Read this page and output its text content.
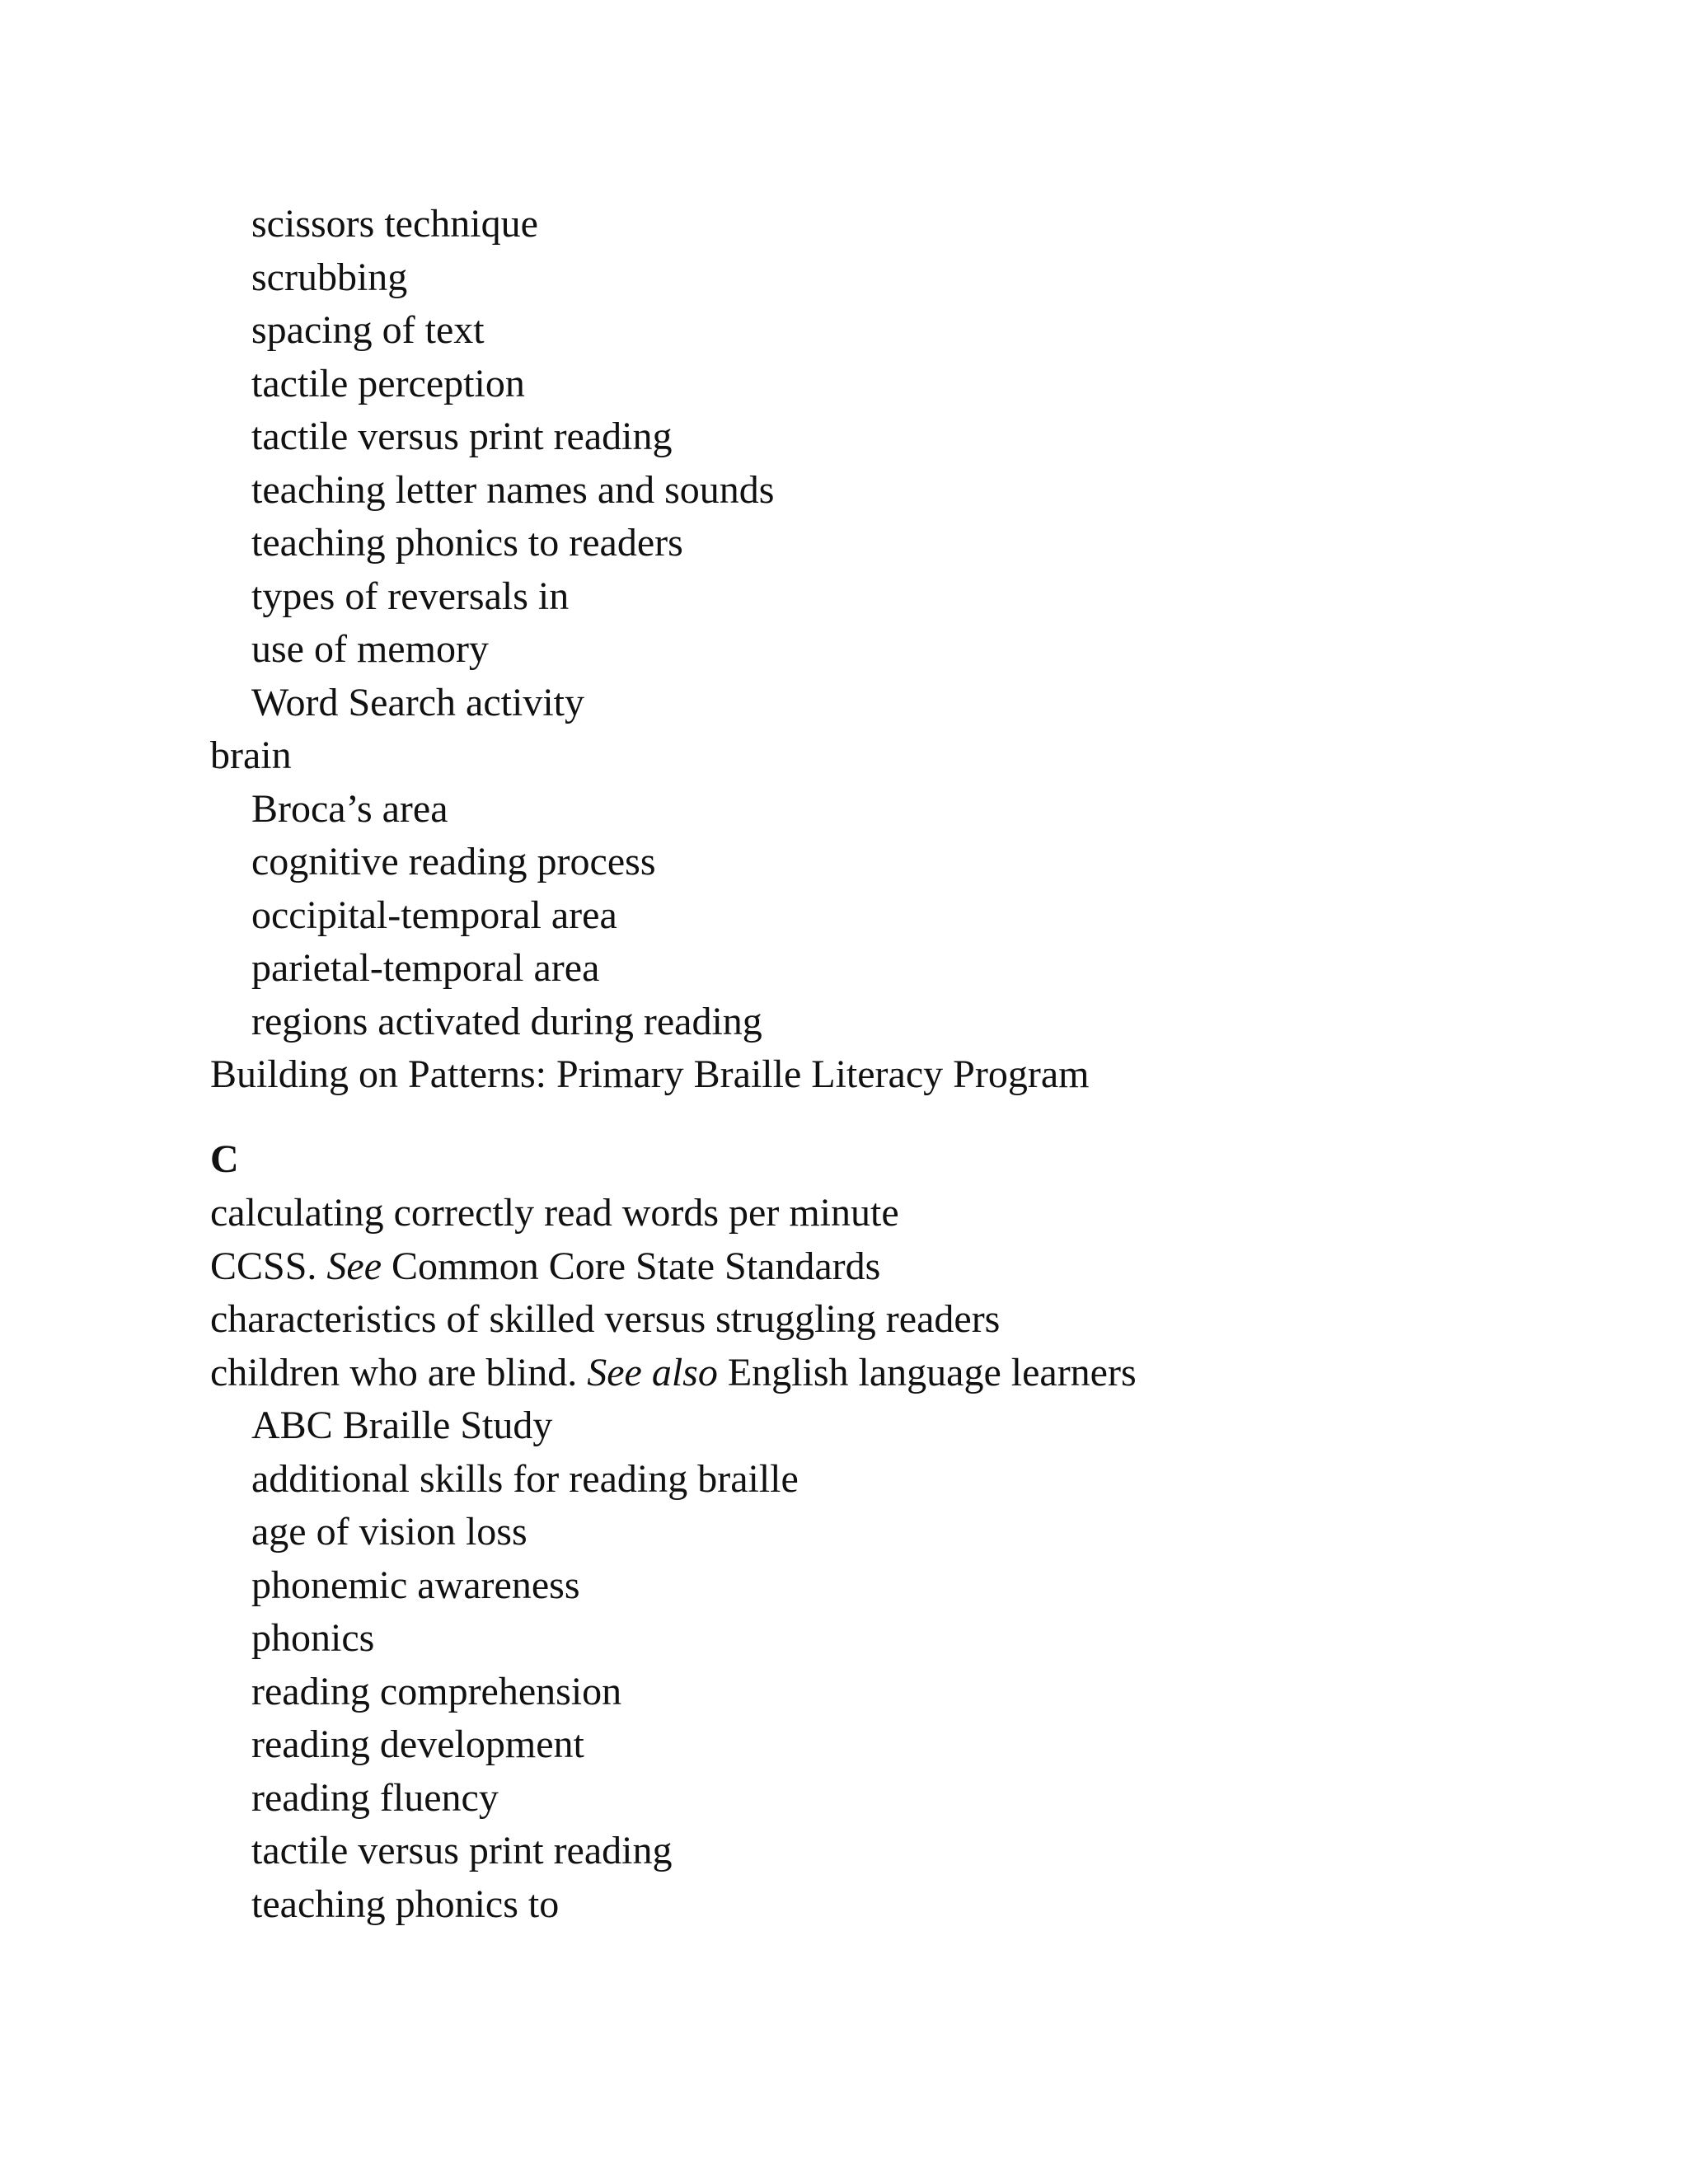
scissors technique
scrubbing
spacing of text
tactile perception
tactile versus print reading
teaching letter names and sounds
teaching phonics to readers
types of reversals in
use of memory
Word Search activity
brain
Broca’s area
cognitive reading process
occipital-temporal area
parietal-temporal area
regions activated during reading
Building on Patterns: Primary Braille Literacy Program
C
calculating correctly read words per minute
CCSS. See Common Core State Standards
characteristics of skilled versus struggling readers
children who are blind. See also English language learners
ABC Braille Study
additional skills for reading braille
age of vision loss
phonemic awareness
phonics
reading comprehension
reading development
reading fluency
tactile versus print reading
teaching phonics to
